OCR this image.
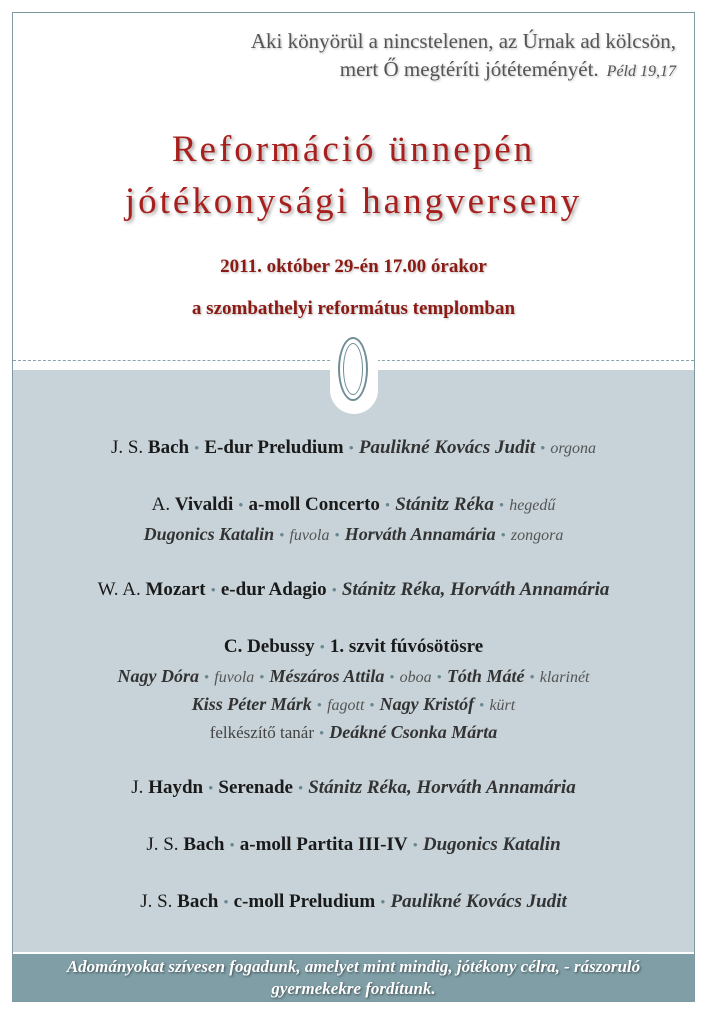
Aki könyörül a nincstelenen, az Úrnak ad kölcsön,
mert Ő megtéríti jótéteményét. Péld 19,17
Reformáció ünnepén
jótékonysági hangverseny
2011. október 29-én 17.00 órakor
a szombathelyi református templomban
J. S. Bach • E-dur Preludium • Paulikné Kovács Judit • orgona
A. Vivaldi • a-moll Concerto • Stánitz Réka • hegedű
Dugonics Katalin • fuvola • Horváth Annamária • zongora
W. A. Mozart • e-dur Adagio • Stánitz Réka, Horváth Annamária
C. Debussy • 1. szvit fúvósötösre
Nagy Dóra • fuvola • Mészáros Attila • oboa • Tóth Máté • klarinét
Kiss Péter Márk • fagott • Nagy Kristóf • kürt
felkészítő tanár • Deákné Csonka Márta
J. Haydn • Serenade • Stánitz Réka, Horváth Annamária
J. S. Bach • a-moll Partita III-IV • Dugonics Katalin
J. S. Bach • c-moll Preludium • Paulikné Kovács Judit
Adományokat szívesen fogadunk, amelyet mint mindig, jótékony célra, - rászoruló
gyermekekre fordítunk.
